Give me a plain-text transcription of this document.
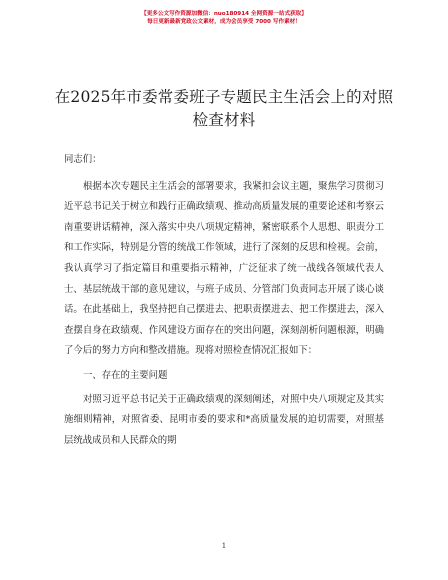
【更多公文写作资源加微信：nuo180914 全网资源一站式获取】
每日更新最新党政公文素材，成为会员享受 7000 写作素材！
在2025年市委常委班子专题民主生活会上的对照检查材料

同志们：

根据本次专题民主生活会的部署要求，我紧扣会议主题，聚焦学习贯彻习近平总书记关于树立和践行正确政绩观、推动高质量发展的重要论述和考察云南重要讲话精神，深入落实中央八项规定精神，紧密联系个人思想、职责分工和工作实际，特别是分管的统战工作领域，进行了深刻的反思和检视。会前，我认真学习了指定篇目和重要指示精神，广泛征求了统一战线各领域代表人士、基层统战干部的意见建议，与班子成员、分管部门负责同志开展了谈心谈话。在此基础上，我坚持把自己摆进去、把职责摆进去、把工作摆进去，深入查摆自身在政绩观、作风建设方面存在的突出问题，深刻剖析问题根源，明确了今后的努力方向和整改措施。现将对照检查情况汇报如下：

一、存在的主要问题

对照习近平总书记关于正确政绩观的深刻阐述，对照中央八项规定及其实施细则精神，对照省委、昆明市委的要求和*高质量发展的迫切需要，对照基层统战成员和人民群众的期

1
